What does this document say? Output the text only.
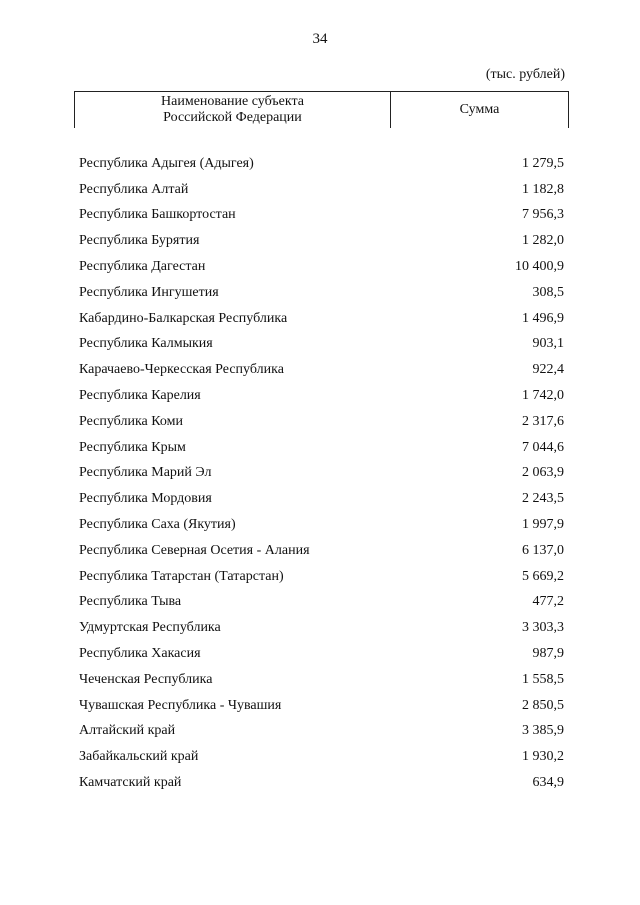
34
(тыс. рублей)
Наименование субъекта
Российской Федерации
Сумма
Республика Адыгея (Адыгея)	1 279,5
Республика Алтай	1 182,8
Республика Башкортостан	7 956,3
Республика Бурятия	1 282,0
Республика Дагестан	10 400,9
Республика Ингушетия	308,5
Кабардино-Балкарская Республика	1 496,9
Республика Калмыкия	903,1
Карачаево-Черкесская Республика	922,4
Республика Карелия	1 742,0
Республика Коми	2 317,6
Республика Крым	7 044,6
Республика Марий Эл	2 063,9
Республика Мордовия	2 243,5
Республика Саха (Якутия)	1 997,9
Республика Северная Осетия - Алания	6 137,0
Республика Татарстан (Татарстан)	5 669,2
Республика Тыва	477,2
Удмуртская Республика	3 303,3
Республика Хакасия	987,9
Чеченская Республика	1 558,5
Чувашская Республика - Чувашия	2 850,5
Алтайский край	3 385,9
Забайкальский край	1 930,2
Камчатский край	634,9
